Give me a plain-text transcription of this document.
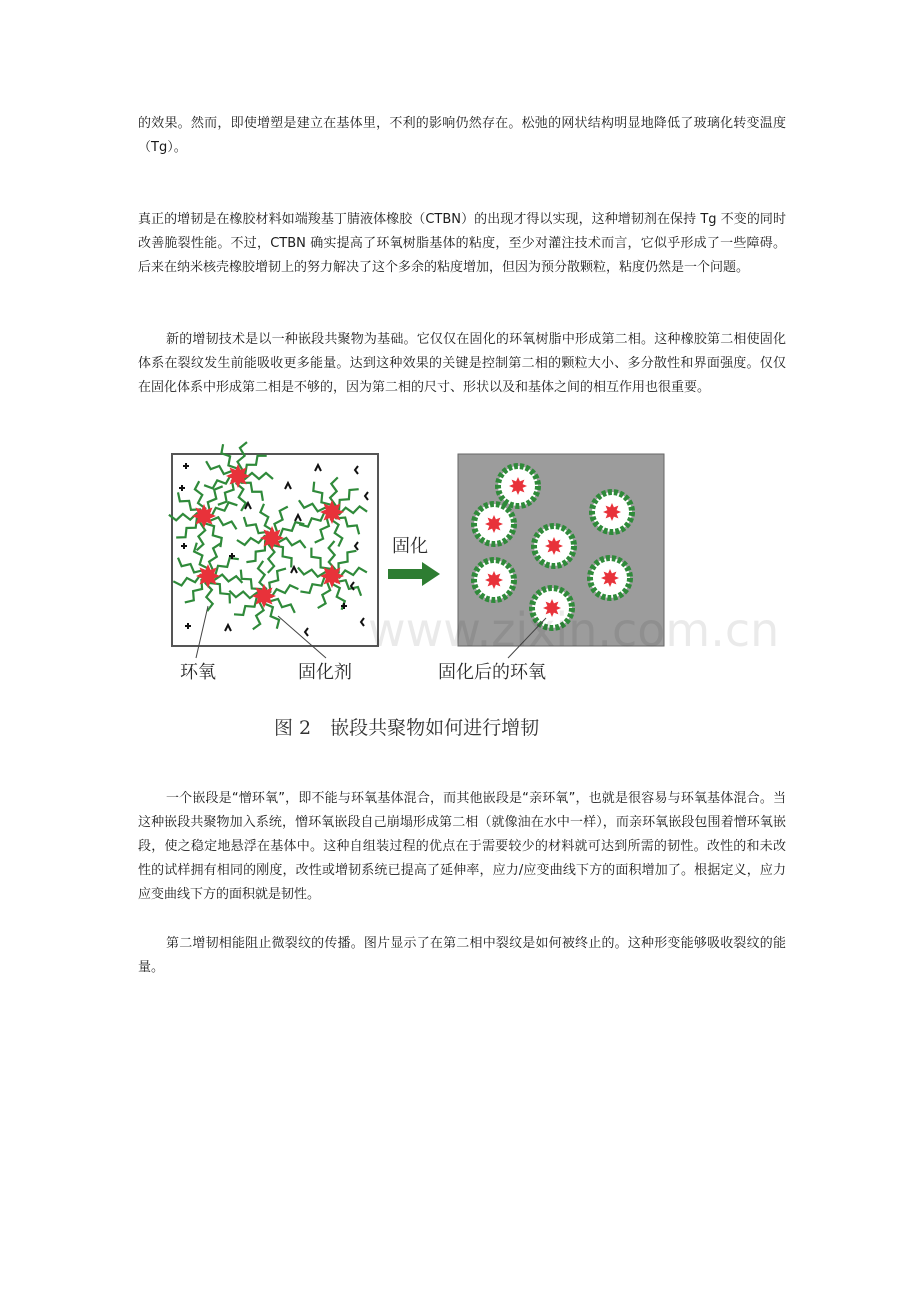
的效果。然而，即使增塑是建立在基体里，不利的影响仍然存在。松弛的网状结构明显地降低了玻璃化转变温度（Tg）。

真正的增韧是在橡胶材料如端羧基丁腈液体橡胶（CTBN）的出现才得以实现，这种增韧剂在保持 Tg 不变的同时改善脆裂性能。不过，CTBN 确实提高了环氧树脂基体的粘度，至少对灌注技术而言，它似乎形成了一些障碍。后来在纳米核壳橡胶增韧上的努力解决了这个多余的粘度增加，但因为预分散颗粒，粘度仍然是一个问题。

新的增韧技术是以一种嵌段共聚物为基础。它仅仅在固化的环氧树脂中形成第二相。这种橡胶第二相使固化体系在裂纹发生前能吸收更多能量。达到这种效果的关键是控制第二相的颗粒大小、多分散性和界面强度。仅仅在固化体系中形成第二相是不够的，因为第二相的尺寸、形状以及和基体之间的相互作用也很重要。

固化
环氧	固化剂	固化后的环氧
图 2　嵌段共聚物如何进行增韧
www.zixin.com.cn

一个嵌段是“憎环氧”，即不能与环氧基体混合，而其他嵌段是“亲环氧”，也就是很容易与环氧基体混合。当这种嵌段共聚物加入系统，憎环氧嵌段自己崩塌形成第二相（就像油在水中一样），而亲环氧嵌段包围着憎环氧嵌段，使之稳定地悬浮在基体中。这种自组装过程的优点在于需要较少的材料就可达到所需的韧性。改性的和未改性的试样拥有相同的刚度，改性或增韧系统已提高了延伸率，应力/应变曲线下方的面积增加了。根据定义，应力应变曲线下方的面积就是韧性。

第二增韧相能阻止微裂纹的传播。图片显示了在第二相中裂纹是如何被终止的。这种形变能够吸收裂纹的能量。
